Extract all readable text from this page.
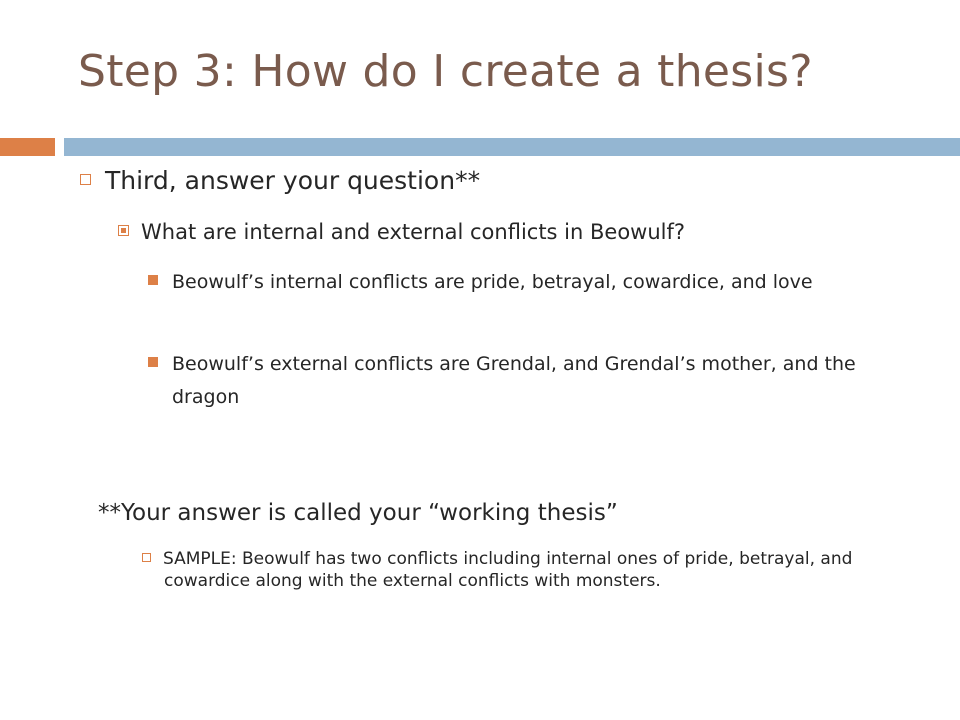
Step 3: How do I create a thesis?
Third, answer your question**
What are internal and external conflicts in Beowulf?
Beowulf’s internal conflicts are pride, betrayal, cowardice, and love
Beowulf’s external conflicts are Grendal, and Grendal’s mother, and the dragon
**Your answer is called your “working thesis”
SAMPLE: Beowulf has two conflicts including internal ones of pride, betrayal, and cowardice along with the external conflicts with monsters.
